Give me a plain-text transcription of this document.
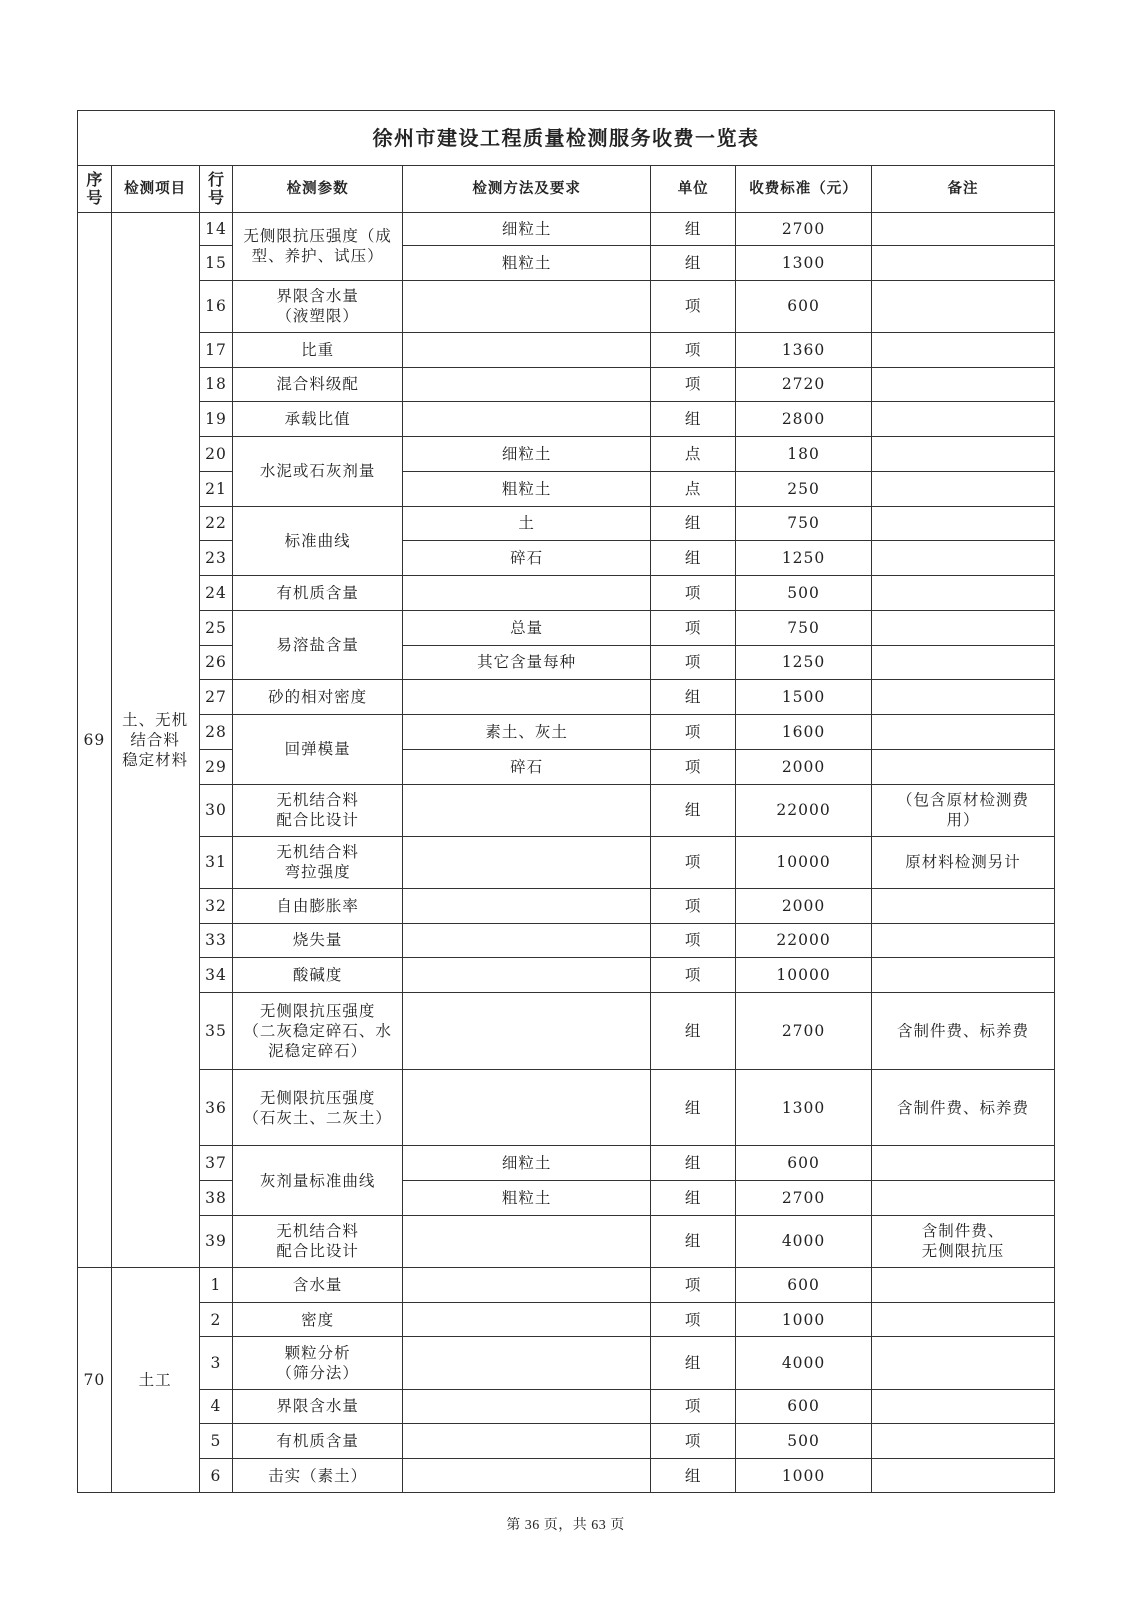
徐州市建设工程质量检测服务收费一览表							
序
号	检测项目	行
号	检测参数	检测方法及要求	单位	收费标准（元）	备注
69	土、无机
结合料
稳定材料	14	无侧限抗压强度（成型、养护、试压）	细粒土	组	2700	
		15		粗粒土	组	1300	
		16	界限含水量
（液塑限）		项	600	
		17	比重		项	1360	
		18	混合料级配		项	2720	
		19	承载比值		组	2800	
		20	水泥或石灰剂量	细粒土	点	180	
		21		粗粒土	点	250	
		22	标准曲线	土	组	750	
		23		碎石	组	1250	
		24	有机质含量		项	500	
		25	易溶盐含量	总量	项	750	
		26		其它含量每种	项	1250	
		27	砂的相对密度		组	1500	
		28	回弹模量	素土、灰土	项	1600	
		29		碎石	项	2000	
		30	无机结合料
配合比设计		组	22000	（包含原材检测费
用）
		31	无机结合料
弯拉强度		项	10000	原材料检测另计
		32	自由膨胀率		项	2000	
		33	烧失量		项	22000	
		34	酸碱度		项	10000	
		35	无侧限抗压强度
（二灰稳定碎石、水
泥稳定碎石）		组	2700	含制件费、标养费
		36	无侧限抗压强度
（石灰土、二灰土）		组	1300	含制件费、标养费
		37	灰剂量标准曲线	细粒土	组	600	
		38		粗粒土	组	2700	
		39	无机结合料
配合比设计		组	4000	含制件费、
无侧限抗压
70	土工	1	含水量		项	600	
		2	密度		项	1000	
		3	颗粒分析
（筛分法）		组	4000	
		4	界限含水量		项	600	
		5	有机质含量		项	500	
		6	击实（素土）		组	1000	
第 36 页，共 63 页
